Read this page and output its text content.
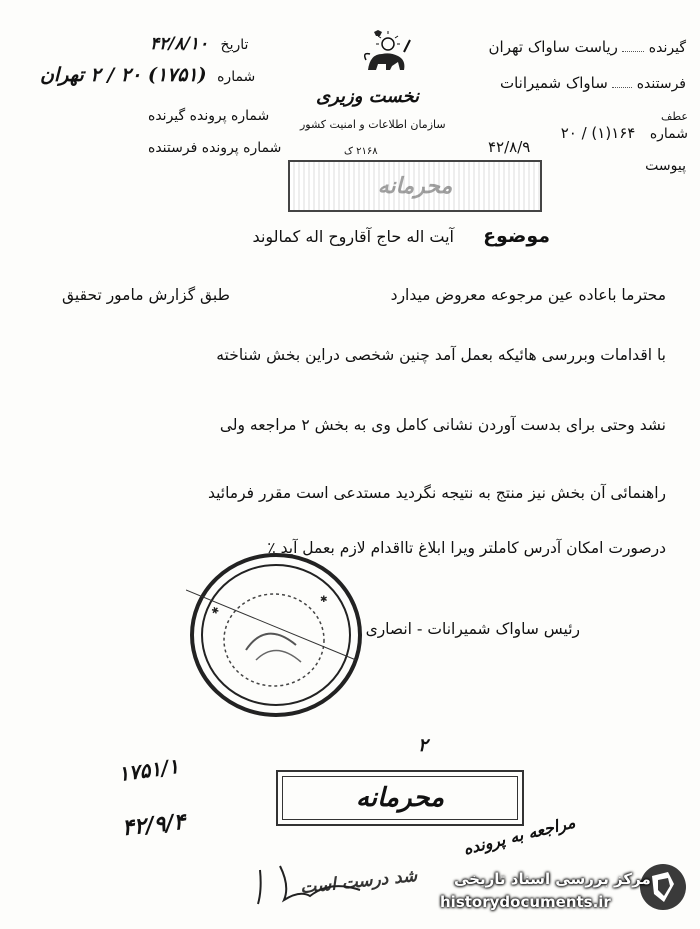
گیرنده  ریاست ساواک تهران
فرستنده  ساواک شمیرانات
عطف
شماره ۱۶۴(۱) / ۲۰
۴۲/۸/۹
پیوست
نخست وزیری
سازمان اطلاعات و امنیت کشور
۲۱۶۸ ک
تاریخ ۴۲/۸/۱۰
شماره (۱۷۵۱) ۲۰ / ۲ تهران
شماره پرونده گیرنده
شماره پرونده فرستنده
محرمانه
موضوع آیت اله حاج آقاروح اله کمالوند
محترما باعاده عین مرجوعه معروض میدارد
طبق گزارش مامور تحقیق
با اقدامات وبررسی هائیکه بعمل آمد چنین شخصی دراین بخش شناخته
نشد وحتی برای بدست آوردن نشانی کامل وی به بخش ۲ مراجعه ولی
راهنمائی آن بخش نیز منتج به نتیجه نگردید مستدعی است مقرر فرمائید
درصورت امکان آدرس کاملتر ویرا ابلاغ تااقدام لازم بعمل آید ٪
رئیس ساواک شمیرانات - انصاری
✱
✱
۱۷۵۱/۱
۴۲/۹/۴
۲
محرمانه
مراجعه به پرونده
شد درست است مرکز بررسی اسناد تاریخی
historydocuments.ir
